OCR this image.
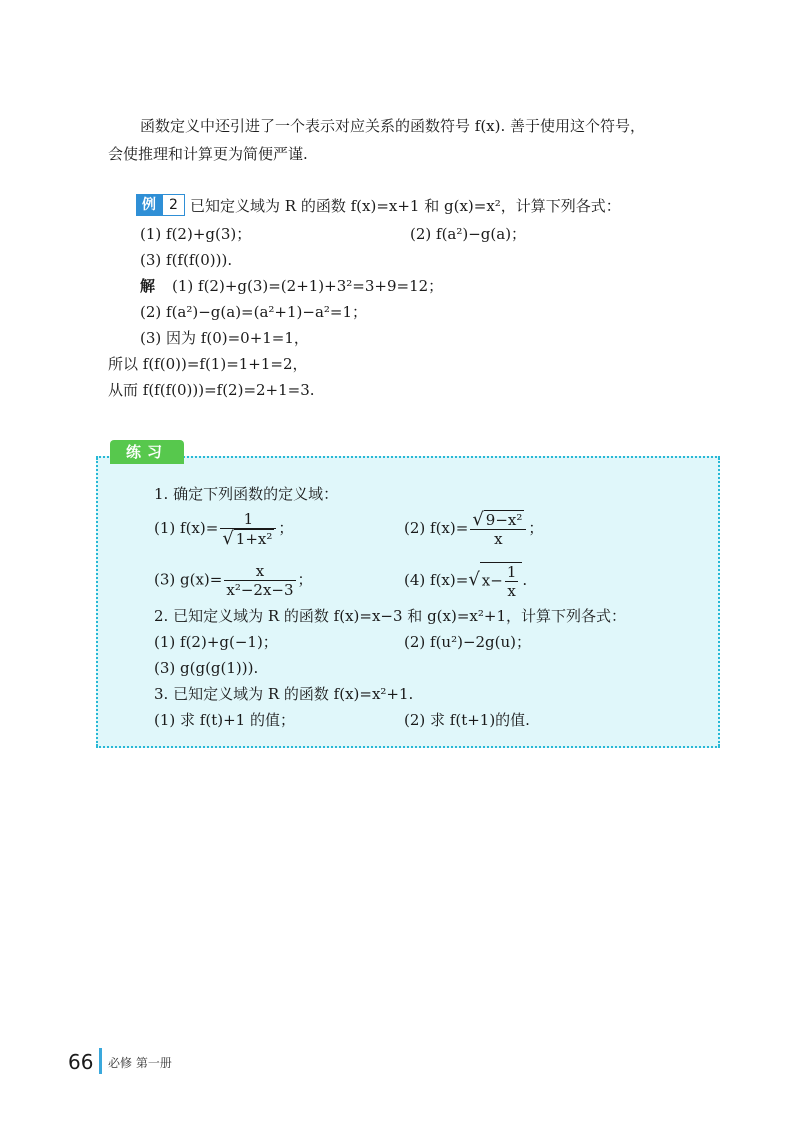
函数定义中还引进了一个表示对应关系的函数符号 f(x). 善于使用这个符号，
会使推理和计算更为简便严谨.
例 2 已知定义域为 R 的函数 f(x)=x+1 和 g(x)=x²，计算下列各式：
(1) f(2)+g(3)；	(2) f(a²)−g(a)；
(3) f(f(f(0))).
解 (1) f(2)+g(3)=(2+1)+3²=3+9=12；
(2) f(a²)−g(a)=(a²+1)−a²=1；
(3) 因为 f(0)=0+1=1，
所以 f(f(0))=f(1)=1+1=2，
从而 f(f(f(0)))=f(2)=2+1=3.
练习
1. 确定下列函数的定义域：
(1) $f(x)= \frac{1}{\text{√ 1+x²}}$ ；	(2) $f(x)= \frac{\text{√ 9−x²}}{x}$ ；
(3) $g(x)= \frac{x}{\text{x²−2x−3}}$ ；	(4) f(x)=√ $x- \frac{1}{x}$ .
2. 已知定义域为 R 的函数 f(x)=x−3 和 g(x)=x²+1，计算下列各式：
(1) f(2)+g(−1)；	(2) f(u²)−2g(u)；
(3) g(g(g(1))).
3. 已知定义域为 R 的函数 f(x)=x²+1.
(1) 求 f(t)+1 的值；	(2) 求 f(t+1)的值.
66 必修 第一册
